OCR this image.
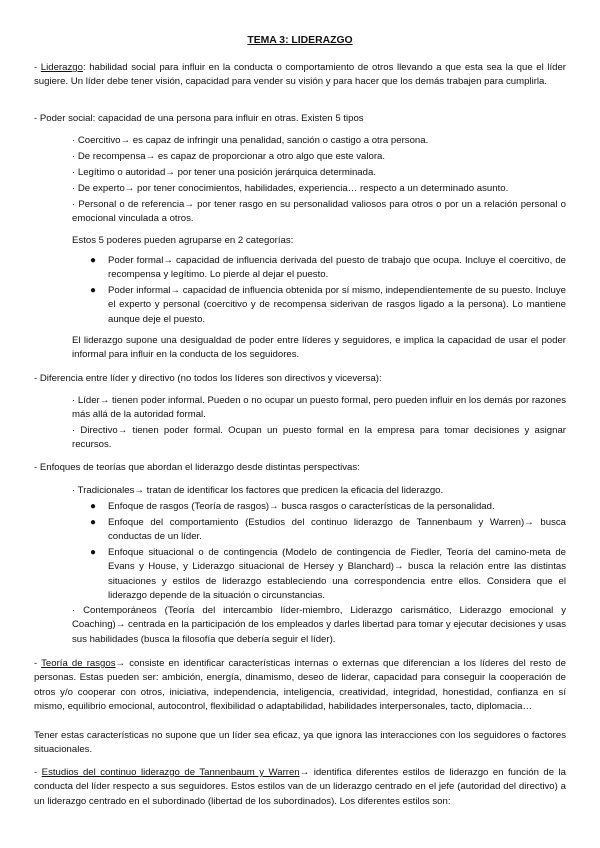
TEMA 3: LIDERAZGO

- Liderazgo: habilidad social para influir en la conducta o comportamiento de otros llevando a que esta sea la que el líder sugiere. Un líder debe tener visión, capacidad para vender su visión y para hacer que los demás trabajen para cumplirla.

- Poder social: capacidad de una persona para influir en otras. Existen 5 tipos

· Coercitivo→ es capaz de infringir una penalidad, sanción o castigo a otra persona.

· De recompensa→ es capaz de proporcionar a otro algo que este valora.

· Legítimo o autoridad→ por tener una posición jerárquica determinada.

· De experto→ por tener conocimientos, habilidades, experiencia… respecto a un determinado asunto.

· Personal o de referencia→ por tener rasgo en su personalidad valiosos para otros o por un a relación personal o emocional vinculada a otros.

Estos 5 poderes pueden agruparse en 2 categorías:

● Poder formal→ capacidad de influencia derivada del puesto de trabajo que ocupa. Incluye el coercitivo, de recompensa y legítimo. Lo pierde al dejar el puesto.

● Poder informal→ capacidad de influencia obtenida por sí mismo, independientemente de su puesto. Incluye el experto y personal (coercitivo y de recompensa siderivan de rasgos ligado a la persona). Lo mantiene aunque deje el puesto.

El liderazgo supone una desigualdad de poder entre líderes y seguidores, e implica la capacidad de usar el poder informal para influir en la conducta de los seguidores.

- Diferencia entre líder y directivo (no todos los líderes son directivos y viceversa):

· Líder→ tienen poder informal. Pueden o no ocupar un puesto formal, pero pueden influir en los demás por razones más allá de la autoridad formal.

· Directivo→ tienen poder formal. Ocupan un puesto formal en la empresa para tomar decisiones y asignar recursos.

- Enfoques de teorías que abordan el liderazgo desde distintas perspectivas:

· Tradicionales→ tratan de identificar los factores que predicen la eficacia del liderazgo.

● Enfoque de rasgos (Teoría de rasgos)→ busca rasgos o características de la personalidad.

● Enfoque del comportamiento (Estudios del continuo liderazgo de Tannenbaum y Warren)→ busca conductas de un líder.

● Enfoque situacional o de contingencia (Modelo de contingencia de Fiedler, Teoría del camino-meta de Evans y House, y Liderazgo situacional de Hersey y Blanchard)→ busca la relación entre las distintas situaciones y estilos de liderazgo estableciendo una correspondencia entre ellos. Considera que el liderazgo depende de la situación o circunstancias.

· Contemporáneos (Teoría del intercambio líder-miembro, Liderazgo carismático, Liderazgo emocional y Coaching)→ centrada en la participación de los empleados y darles libertad para tomar y ejecutar decisiones y usas sus habilidades (busca la filosofía que debería seguir el líder).

- Teoría de rasgos→ consiste en identificar características internas o externas que diferencian a los líderes del resto de personas. Estas pueden ser: ambición, energía, dinamismo, deseo de liderar, capacidad para conseguir la cooperación de otros y/o cooperar con otros, iniciativa, independencia, inteligencia, creatividad, integridad, honestidad, confianza en sí mismo, equilibrio emocional, autocontrol, flexibilidad o adaptabilidad, habilidades interpersonales, tacto, diplomacia…

Tener estas características no supone que un líder sea eficaz, ya que ignora las interacciones con los seguidores o factores situacionales.

- Estudios del continuo liderazgo de Tannenbaum y Warren→ identifica diferentes estilos de liderazgo en función de la conducta del líder respecto a sus seguidores. Estos estilos van de un liderazgo centrado en el jefe (autoridad del directivo) a un liderazgo centrado en el subordinado (libertad de los subordinados). Los diferentes estilos son:
